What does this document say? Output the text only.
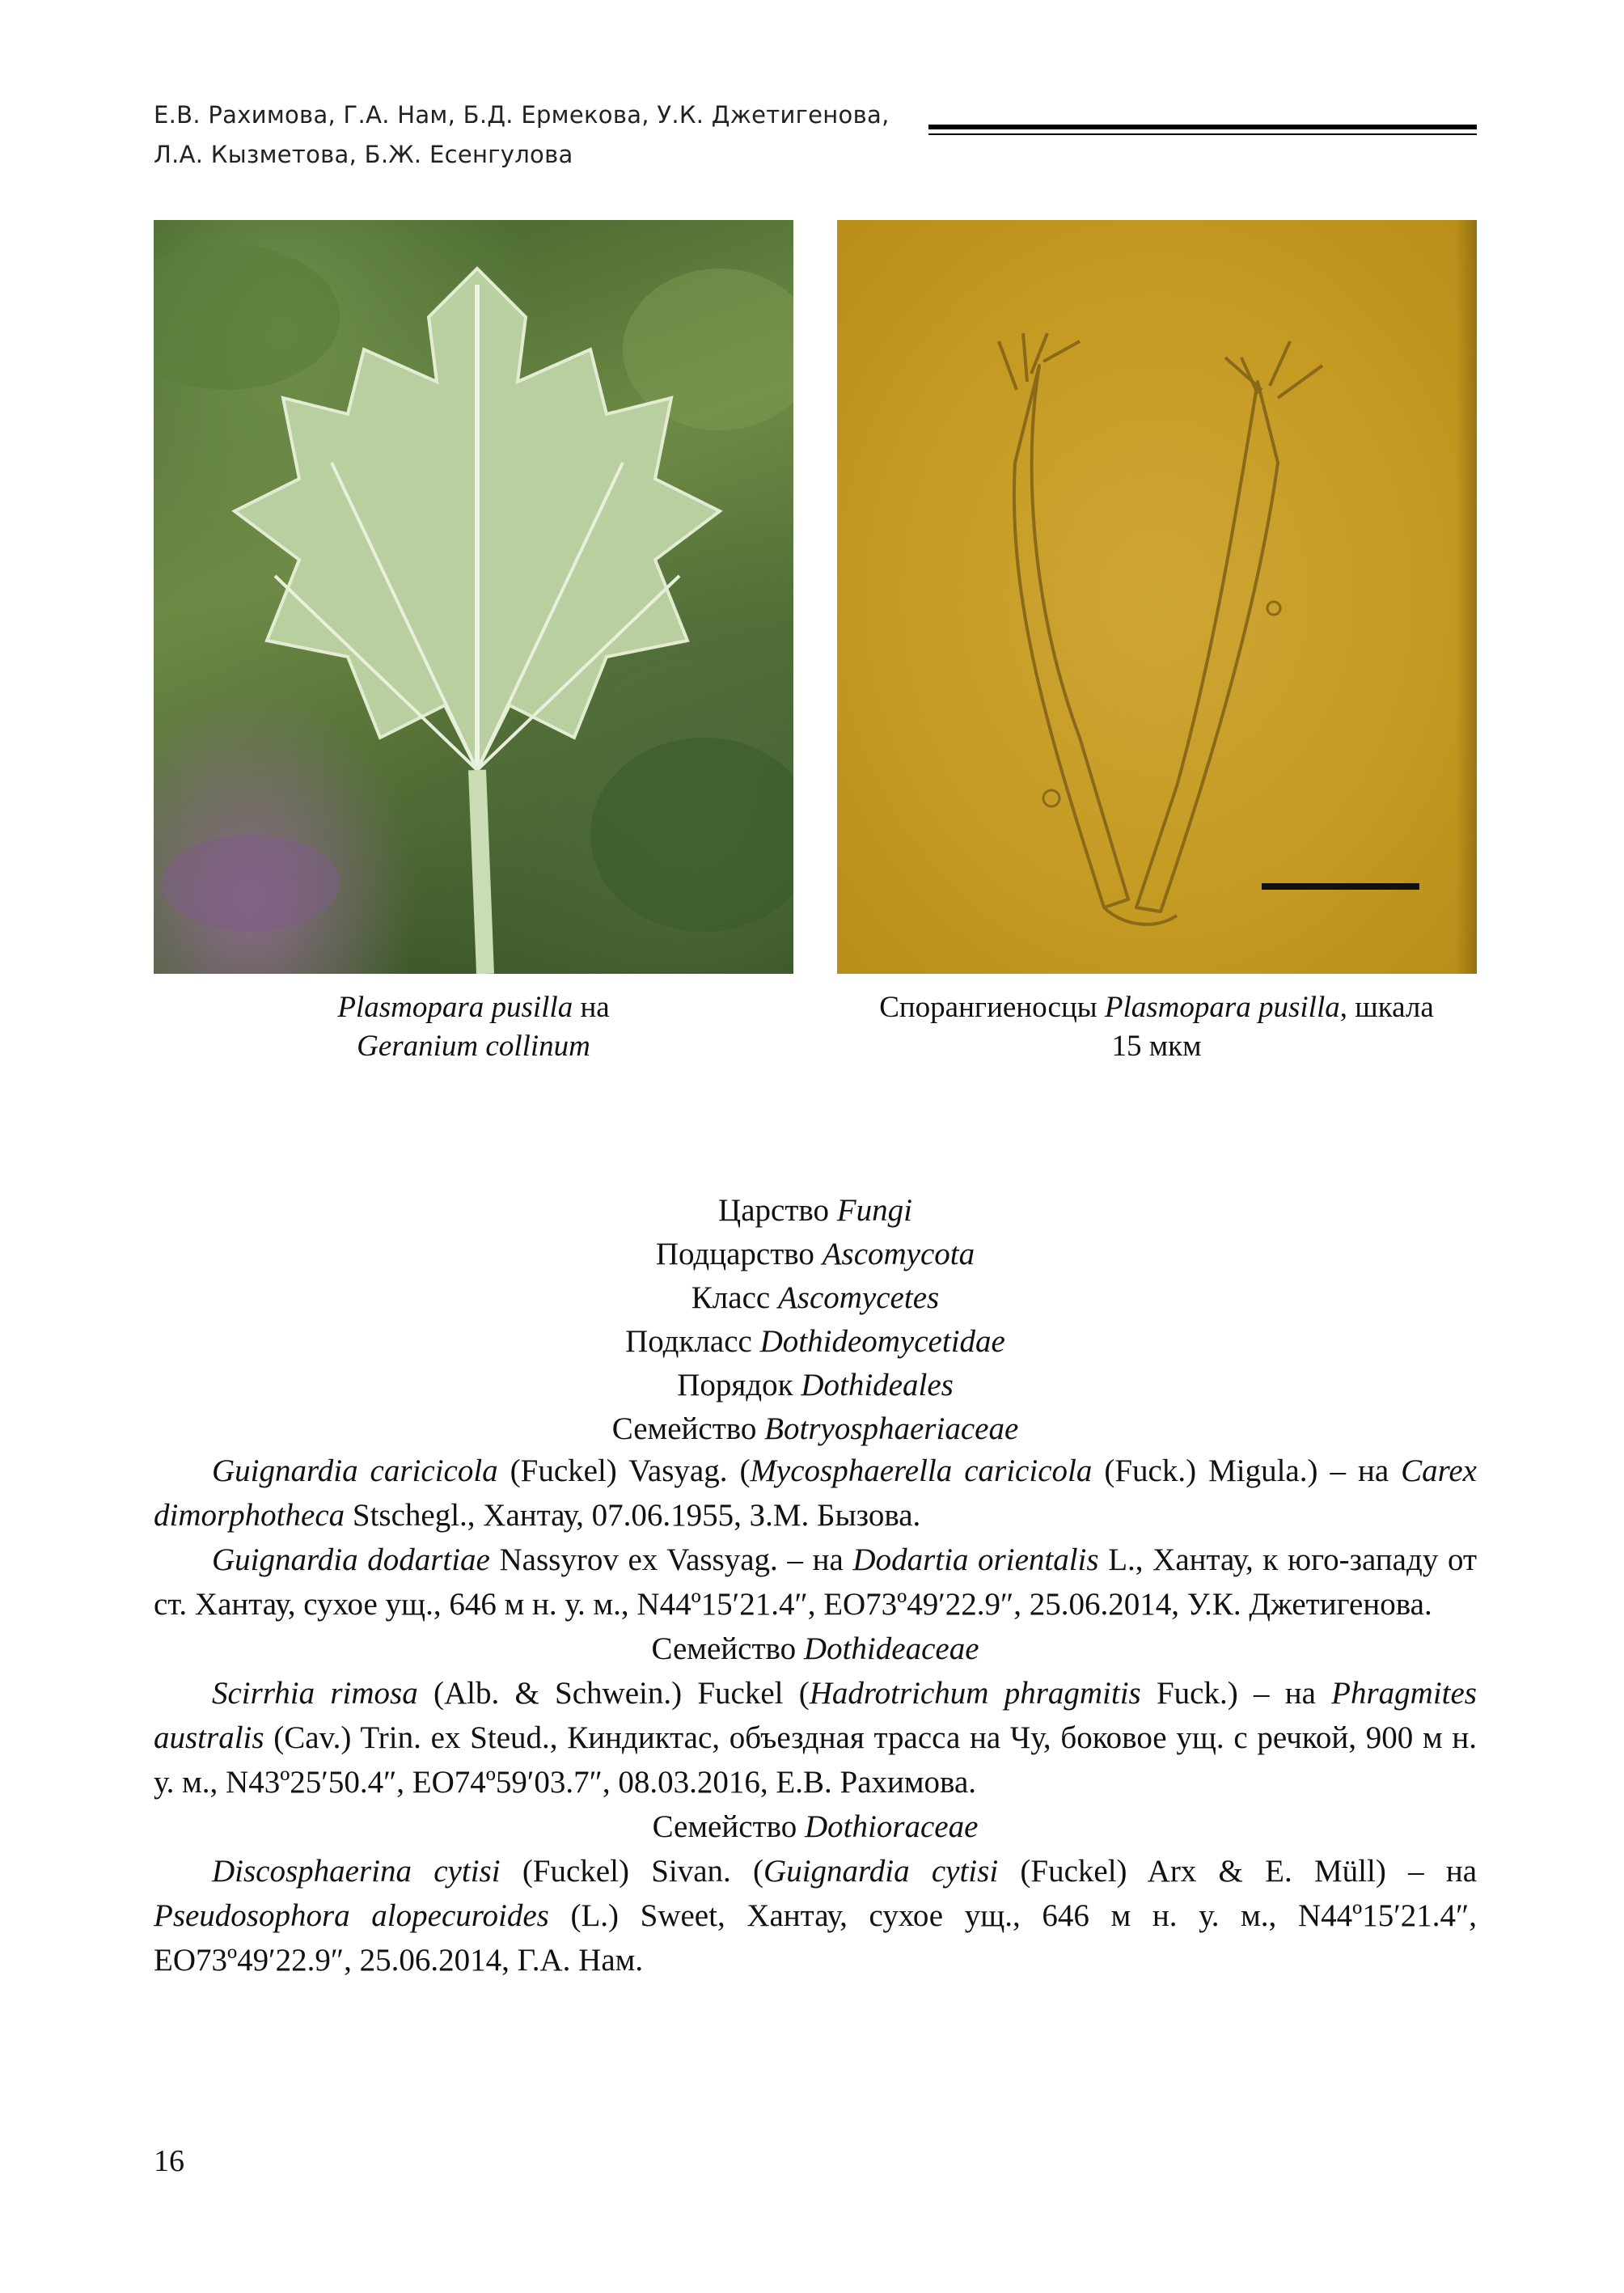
Е.В. Рахимова, Г.А. Нам, Б.Д. Ермекова, У.К. Джетигенова,
Л.А. Кызметова, Б.Ж. Есенгулова
Plasmopara pusilla на
Geranium collinum
Спорангиеносцы Plasmopara pusilla, шкала
15 мкм
Царство Fungi
Подцарство Ascomycota
Класс Ascomycetes
Подкласс Dothideomycetidae
Порядок Dothideales
Семейство Botryosphaeriaceae

Guignardia caricicola (Fuckel) Vasyag. (Mycosphaerella caricicola (Fuck.) Migula.) – на Carex dimorphotheca Stschegl., Хантау, 07.06.1955, З.М. Бызова.

Guignardia dodartiae Nassyrov ex Vassyag. – на Dodartia orientalis L., Хантау, к юго-западу от ст. Хантау, сухое ущ., 646 м н. у. м., N44º15′21.4″, EO73º49′22.9″, 25.06.2014, У.К. Джетигенова.

Семейство Dothideaceae

Scirrhia rimosa (Alb. & Schwein.) Fuckel (Hadrotrichum phragmitis Fuck.) – на Phragmites australis (Cav.) Trin. ex Steud., Киндиктас, объездная трасса на Чу, боковое ущ. с речкой, 900 м н. у. м., N43º25′50.4″, EO74º59′03.7″, 08.03.2016, Е.В. Рахимова.

Семейство Dothioraceae

Discosphaerina cytisi (Fuckel) Sivan. (Guignardia cytisi (Fuckel) Arx & E. Müll) – на Pseudosophora alopecuroides (L.) Sweet, Хантау, сухое ущ., 646 м н. у. м., N44º15′21.4″, EO73º49′22.9″, 25.06.2014, Г.А. Нам.

16
